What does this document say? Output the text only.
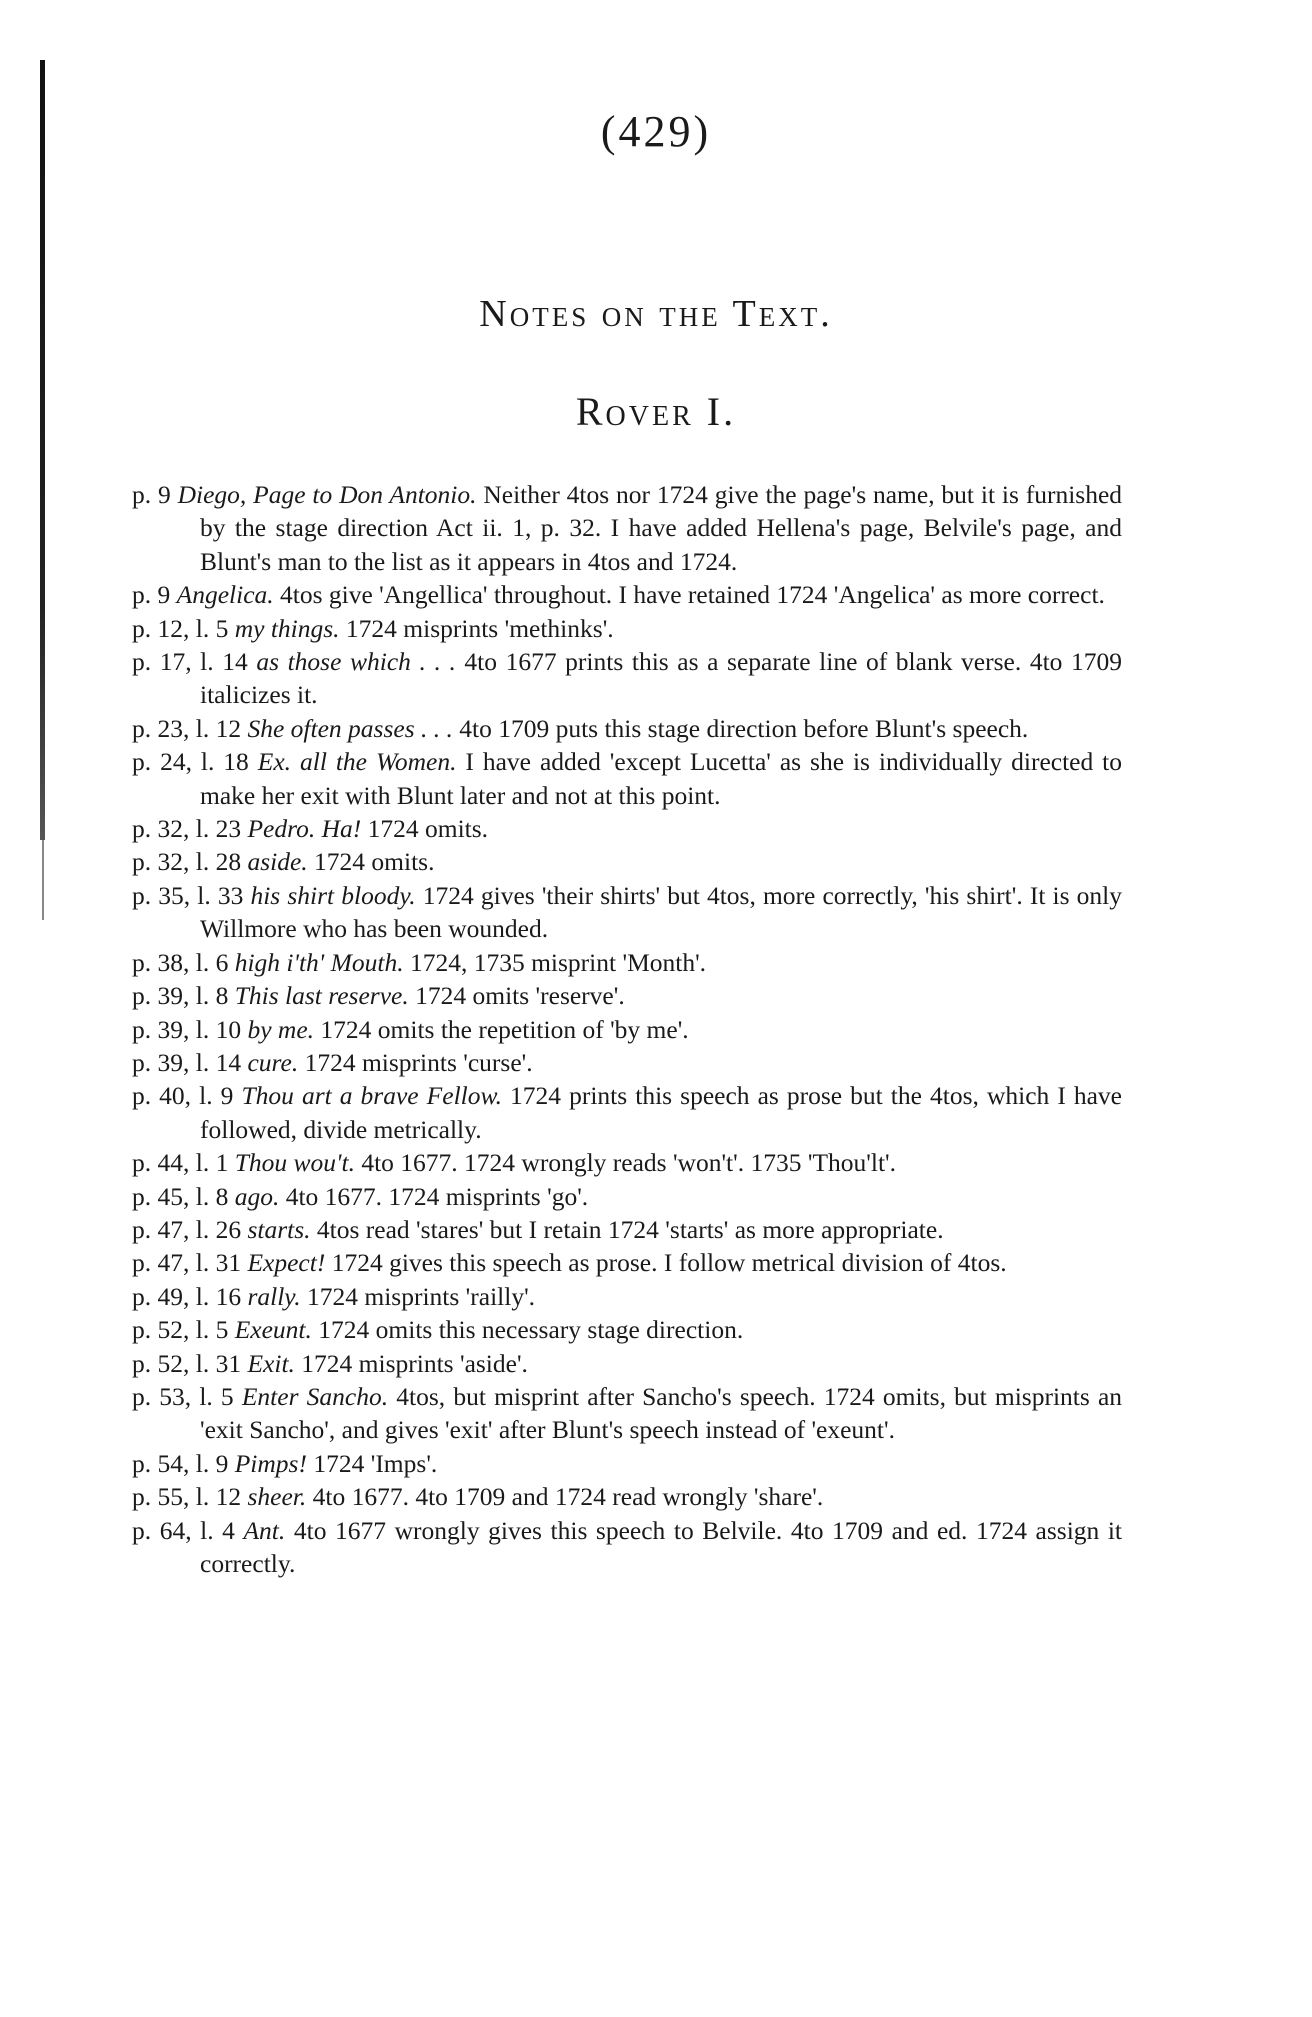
(429)
Notes on the Text.
Rover I.

p. 9 Diego, Page to Don Antonio. Neither 4tos nor 1724 give the page's name, but it is furnished by the stage direction Act ii. 1, p. 32. I have added Hellena's page, Belvile's page, and Blunt's man to the list as it appears in 4tos and 1724.

p. 9 Angelica. 4tos give 'Angellica' throughout. I have retained 1724 'Angelica' as more correct.

p. 12, l. 5 my things. 1724 misprints 'methinks'.

p. 17, l. 14 as those which . . . 4to 1677 prints this as a separate line of blank verse. 4to 1709 italicizes it.

p. 23, l. 12 She often passes . . . 4to 1709 puts this stage direction before Blunt's speech.

p. 24, l. 18 Ex. all the Women. I have added 'except Lucetta' as she is individually directed to make her exit with Blunt later and not at this point.

p. 32, l. 23 Pedro. Ha! 1724 omits.

p. 32, l. 28 aside. 1724 omits.

p. 35, l. 33 his shirt bloody. 1724 gives 'their shirts' but 4tos, more correctly, 'his shirt'. It is only Willmore who has been wounded.

p. 38, l. 6 high i'th' Mouth. 1724, 1735 misprint 'Month'.

p. 39, l. 8 This last reserve. 1724 omits 'reserve'.

p. 39, l. 10 by me. 1724 omits the repetition of 'by me'.

p. 39, l. 14 cure. 1724 misprints 'curse'.

p. 40, l. 9 Thou art a brave Fellow. 1724 prints this speech as prose but the 4tos, which I have followed, divide metrically.

p. 44, l. 1 Thou wou't. 4to 1677. 1724 wrongly reads 'won't'. 1735 'Thou'lt'.

p. 45, l. 8 ago. 4to 1677. 1724 misprints 'go'.

p. 47, l. 26 starts. 4tos read 'stares' but I retain 1724 'starts' as more appropriate.

p. 47, l. 31 Expect! 1724 gives this speech as prose. I follow metrical division of 4tos.

p. 49, l. 16 rally. 1724 misprints 'railly'.

p. 52, l. 5 Exeunt. 1724 omits this necessary stage direction.

p. 52, l. 31 Exit. 1724 misprints 'aside'.

p. 53, l. 5 Enter Sancho. 4tos, but misprint after Sancho's speech. 1724 omits, but misprints an 'exit Sancho', and gives 'exit' after Blunt's speech instead of 'exeunt'.

p. 54, l. 9 Pimps! 1724 'Imps'.

p. 55, l. 12 sheer. 4to 1677. 4to 1709 and 1724 read wrongly 'share'.

p. 64, l. 4 Ant. 4to 1677 wrongly gives this speech to Belvile. 4to 1709 and ed. 1724 assign it correctly.
